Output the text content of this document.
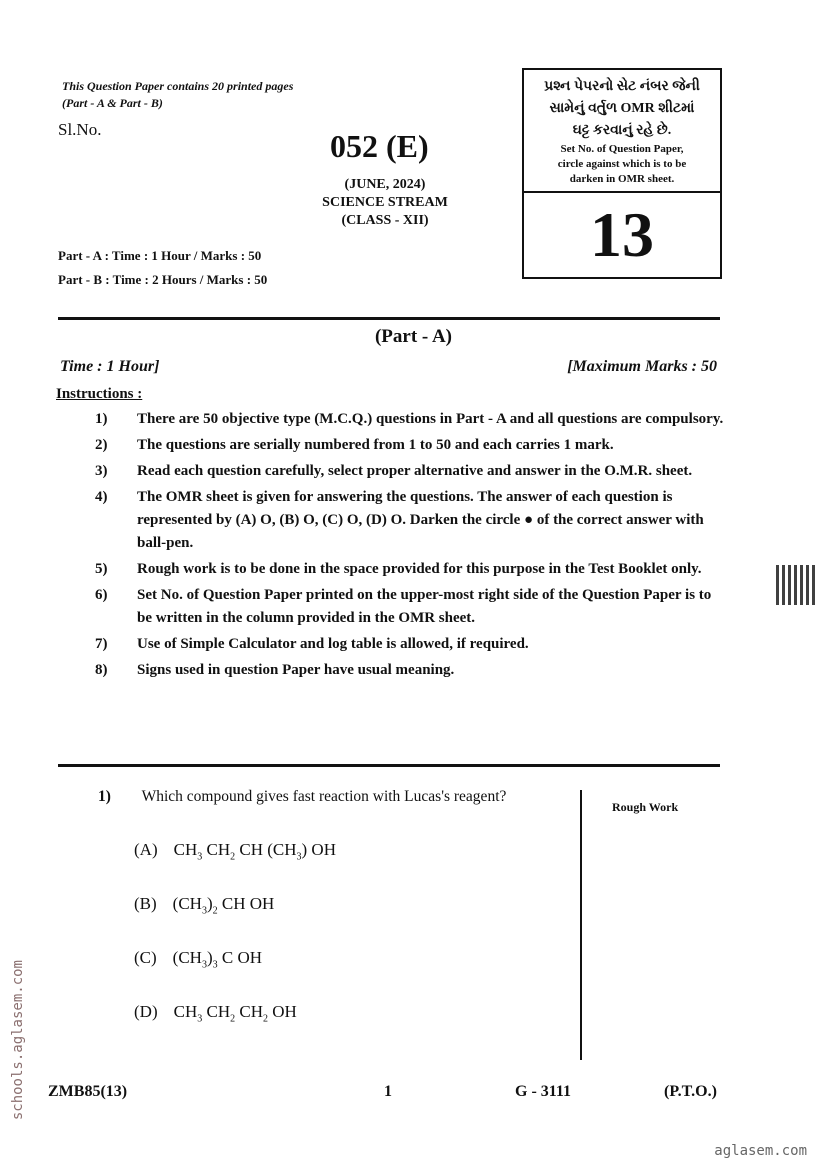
This Question Paper contains 20 printed pages
(Part - A & Part - B)
Sl.No.	052 (E)
(JUNE, 2024)
SCIENCE STREAM
(CLASS - XII)
Part - A : Time : 1 Hour / Marks : 50
Part - B : Time : 2 Hours / Marks : 50
પ્રશ્ન પેપરનો સેટ નંબર જેની
સામેનું વર્તુળ OMR શીટમાં
ઘટ્ટ કરવાનું રહે છે.
Set No. of Question Paper,
circle against which is to be
darken in OMR sheet.
13
(Part - A)
Time : 1 Hour]	[Maximum Marks : 50
Instructions :
1)	There are 50 objective type (M.C.Q.) questions in Part - A and all questions are compulsory.
2)	The questions are serially numbered from 1 to 50 and each carries 1 mark.
3)	Read each question carefully, select proper alternative and answer in the O.M.R. sheet.
4)	The OMR sheet is given for answering the questions. The answer of each question is represented by (A) O, (B) O, (C) O, (D) O. Darken the circle ● of the correct answer with ball-pen.
5)	Rough work is to be done in the space provided for this purpose in the Test Booklet only.
6)	Set No. of Question Paper printed on the upper-most right side of the Question Paper is to be written in the column provided in the OMR sheet.
7)	Use of Simple Calculator and log table is allowed, if required.
8)	Signs used in question Paper have usual meaning.
1) Which compound gives fast reaction with Lucas's reagent?
(A) $CH_3$ $CH_2$ CH $(CH_3)$ OH
(B) $(CH_3)_2$ CH OH
(C) $(CH_3)_3$ C OH
(D) $CH_3$ $CH_2$ $CH_2$ OH
Rough Work
ZMB85(13)	1	G - 3111	(P.T.O.)
schools.aglasem.com
aglasem.com
